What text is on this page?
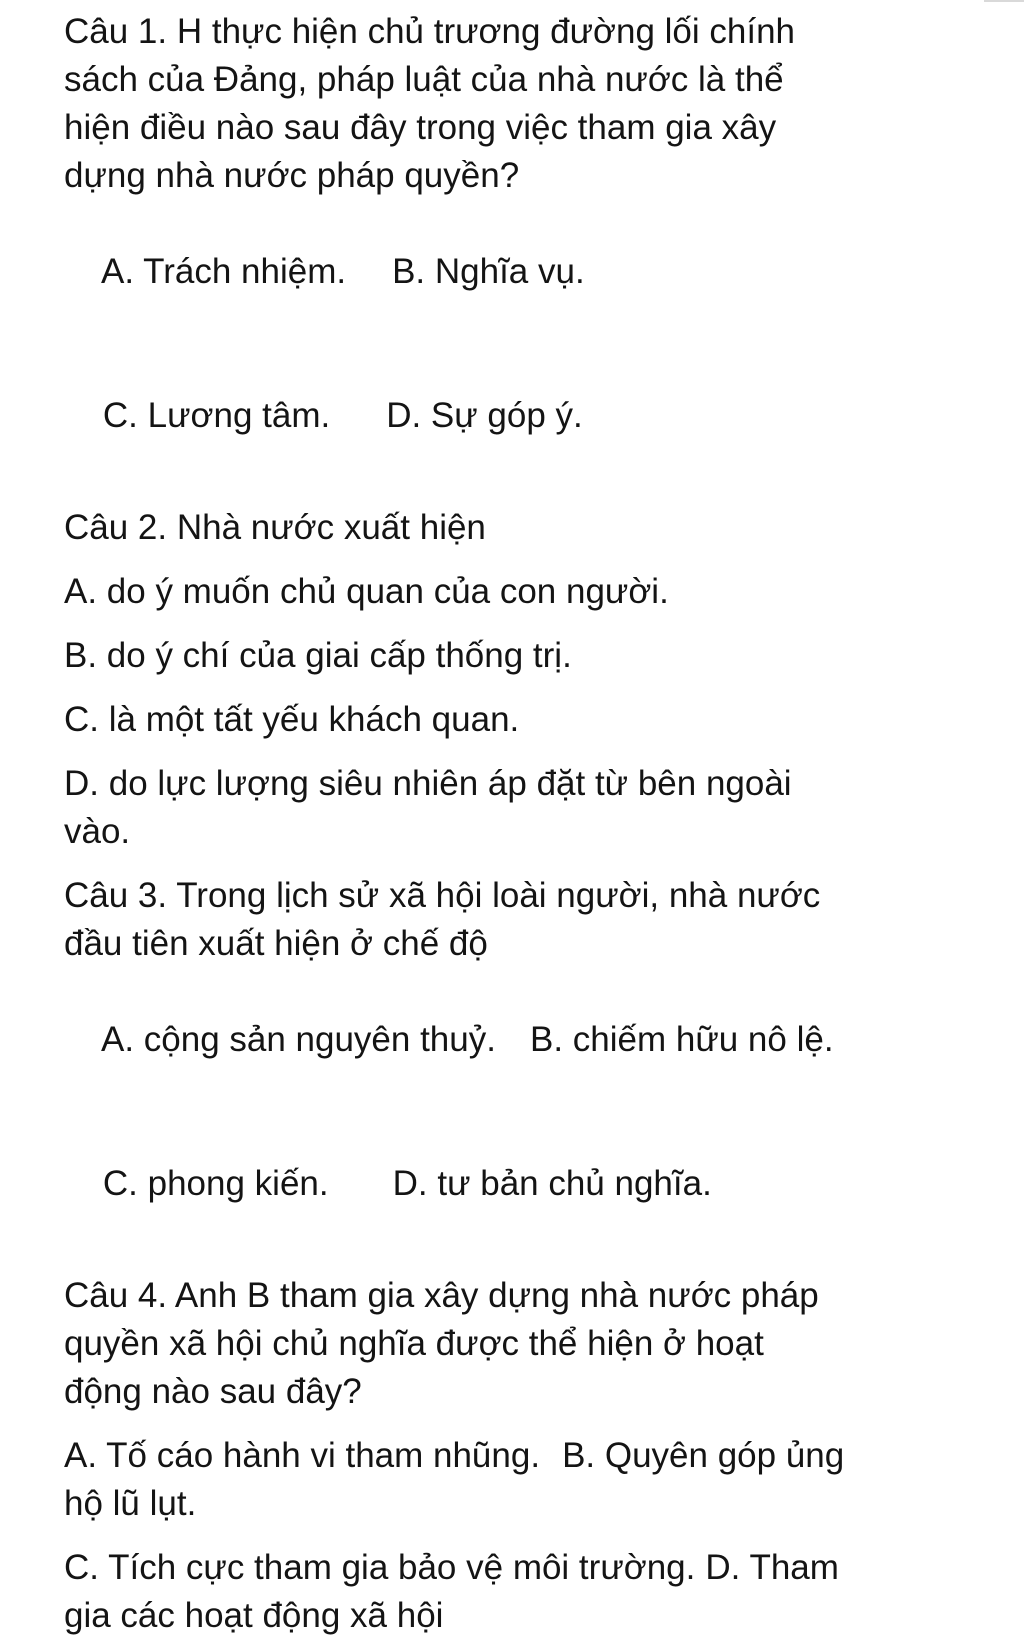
Câu 1. H thực hiện chủ trương đường lối chính

sách của Đảng, pháp luật của nhà nước là thể

hiện điều nào sau đây trong việc tham gia xây

dựng nhà nước pháp quyền?

A. Trách nhiệm. B. Nghĩa vụ.

C. Lương tâm. D. Sự góp ý.

Câu 2. Nhà nước xuất hiện

A. do ý muốn chủ quan của con người.

B. do ý chí của giai cấp thống trị.

C. là một tất yếu khách quan.

D. do lực lượng siêu nhiên áp đặt từ bên ngoài

vào.

Câu 3. Trong lịch sử xã hội loài người, nhà nước

đầu tiên xuất hiện ở chế độ

A. cộng sản nguyên thuỷ. B. chiếm hữu nô lệ.

C. phong kiến. D. tư bản chủ nghĩa.

Câu 4. Anh B tham gia xây dựng nhà nước pháp

quyền xã hội chủ nghĩa được thể hiện ở hoạt

động nào sau đây?

A. Tố cáo hành vi tham nhũng. B. Quyên góp ủng

hộ lũ lụt.

C. Tích cực tham gia bảo vệ môi trường. D. Tham

gia các hoạt động xã hội
